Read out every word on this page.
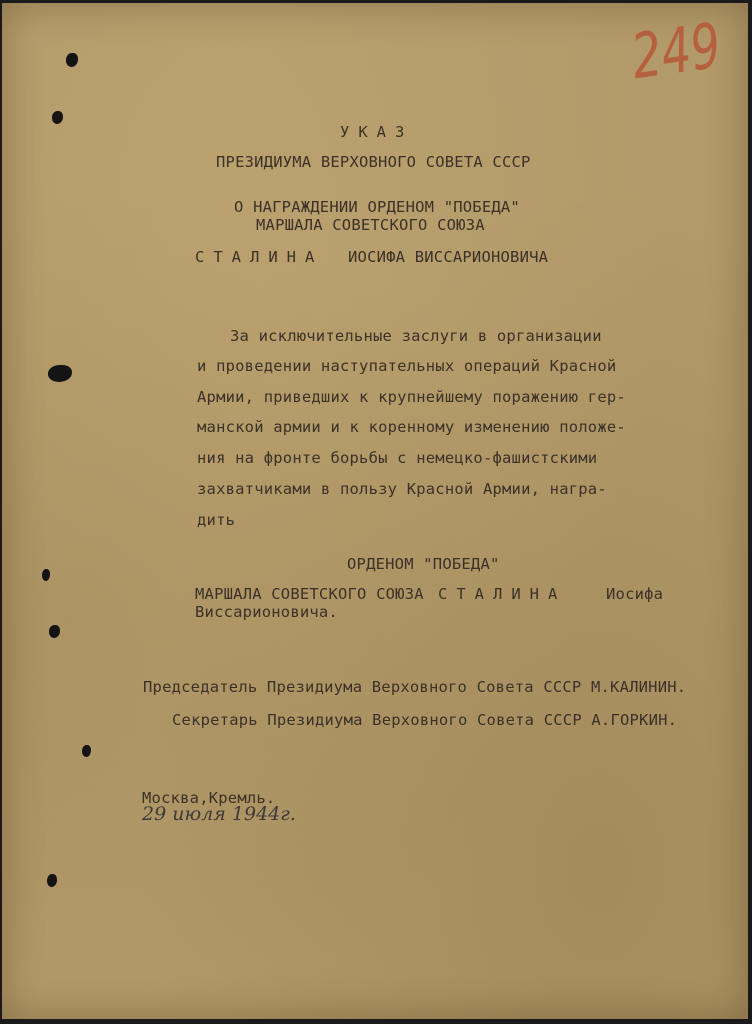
249
УКАЗ
ПРЕЗИДИУМА ВЕРХОВНОГО СОВЕТА СССР
О НАГРАЖДЕНИИ ОРДЕНОМ "ПОБЕДА"
МАРШАЛА СОВЕТСКОГО СОЮЗА
СТАЛИНА ИОСИФА ВИССАРИОНОВИЧА
За исключительные заслуги в организации
и проведении наступательных операций Красной
Армии, приведших к крупнейшему поражению гер-
манской армии и к коренному изменению положе-
ния на фронте борьбы с немецко-фашистскими
захватчиками в пользу Красной Армии, награ-
дить
ОРДЕНОМ "ПОБЕДА"
МАРШАЛА СОВЕТСКОГО СОЮЗА СТАЛИНА	Иосифа
Виссарионовича.
Председатель Президиума Верховного Совета СССР М.КАЛИНИН.
Секретарь Президиума Верховного Совета СССР А.ГОРКИН.
Москва,Кремль.
29 июля 1944г.
